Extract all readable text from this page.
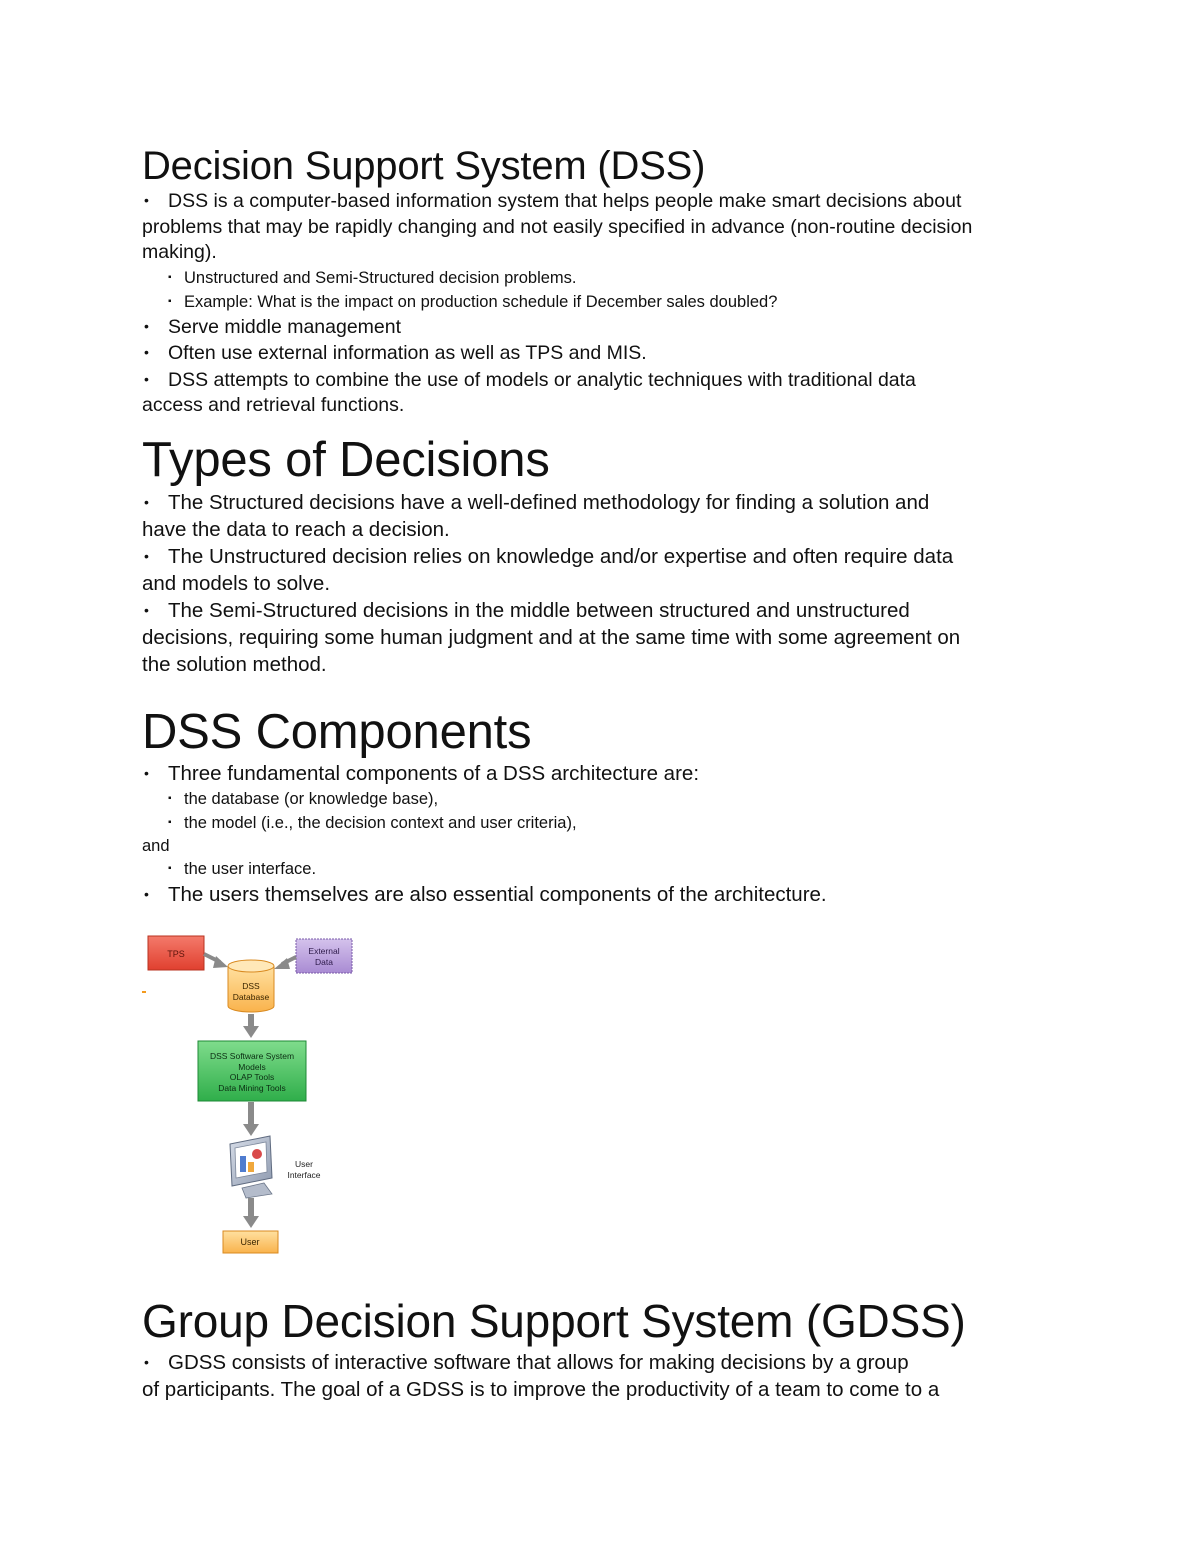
Decision Support System (DSS)

• DSS is a computer-based information system that helps people make smart decisions about

problems that may be rapidly changing and not easily specified in advance (non-routine decision

making).

▪ Unstructured and Semi-Structured decision problems.

▪ Example: What is the impact on production schedule if December sales doubled?

• Serve middle management

• Often use external information as well as TPS and MIS.

• DSS attempts to combine the use of models or analytic techniques with traditional data

access and retrieval functions.

Types of Decisions

• The Structured decisions have a well-defined methodology for finding a solution and

have the data to reach a decision.

• The Unstructured decision relies on knowledge and/or expertise and often require data

and models to solve.

• The Semi-Structured decisions in the middle between structured and unstructured

decisions, requiring some human judgment and at the same time with some agreement on

the solution method.

DSS Components

• Three fundamental components of a DSS architecture are:

▪ the database (or knowledge base),

▪ the model (i.e., the decision context and user criteria),

and

▪ the user interface.

• The users themselves are also essential components of the architecture.

Group Decision Support System (GDSS)

• GDSS consists of interactive software that allows for making decisions by a group

of participants. The goal of a GDSS is to improve the productivity of a team to come to a

TPS	External
Data
DSS
Database
DSS Software System
Models
OLAP Tools
Data Mining Tools
User
Interface
User
